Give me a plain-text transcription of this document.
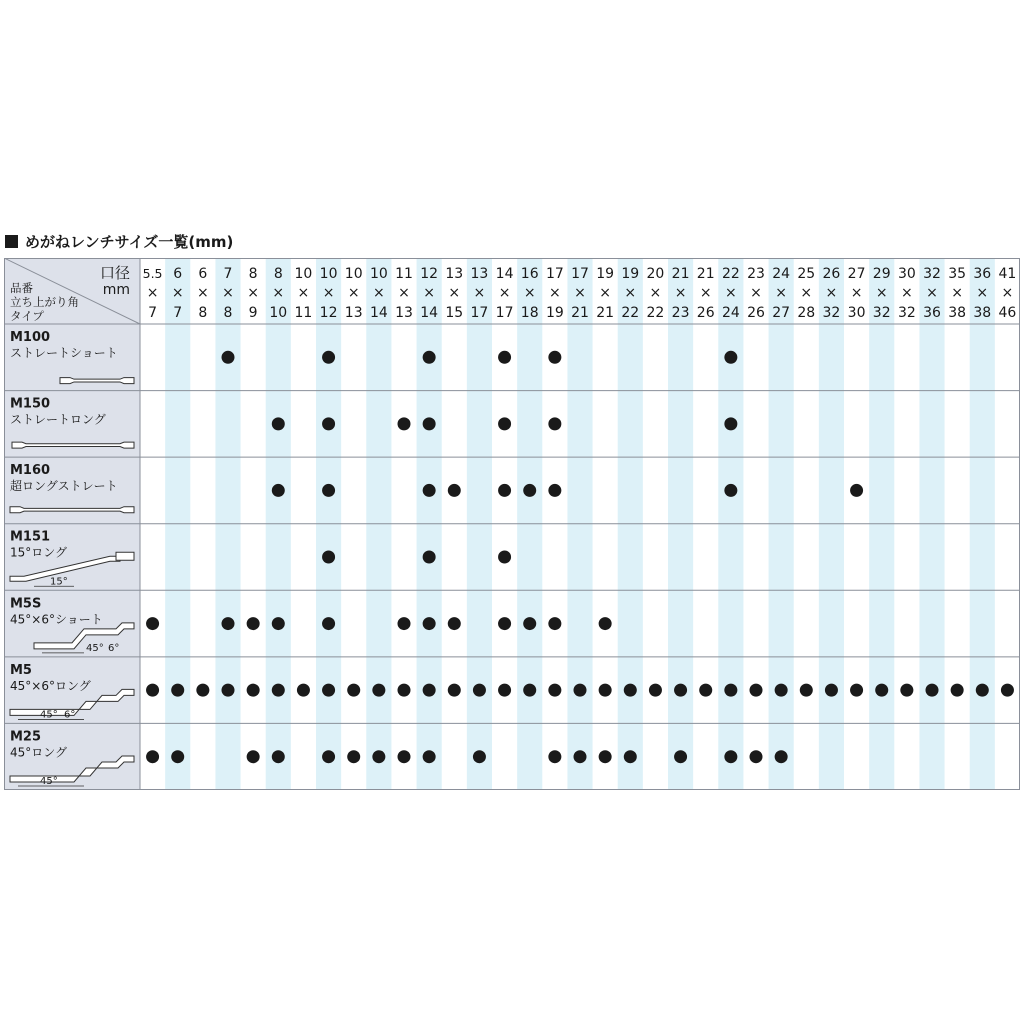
めがねレンチサイズ一覧(mm)
口径
mm
品番
立ち上がり角
タイプ
5.5
×
7
6
×
7
6
×
8
7
×
8
8
×
9
8
×
10
10
×
11
10
×
12
10
×
13
10
×
14
11
×
13
12
×
14
13
×
15
13
×
17
14
×
17
16
×
18
17
×
19
17
×
21
19
×
21
19
×
22
20
×
22
21
×
23
21
×
26
22
×
24
23
×
26
24
×
27
25
×
28
26
×
32
27
×
30
29
×
32
30
×
32
32
×
36
35
×
38
36
×
38
41
×
46
M100
ストレートショート
M150
ストレートロング
M160
超ロングストレート
M151
15°ロング
15°
M5S
45°×6°ショート
45° 6°
M5
45°×6°ロング
45° 6°
M25
45°ロング
45°
